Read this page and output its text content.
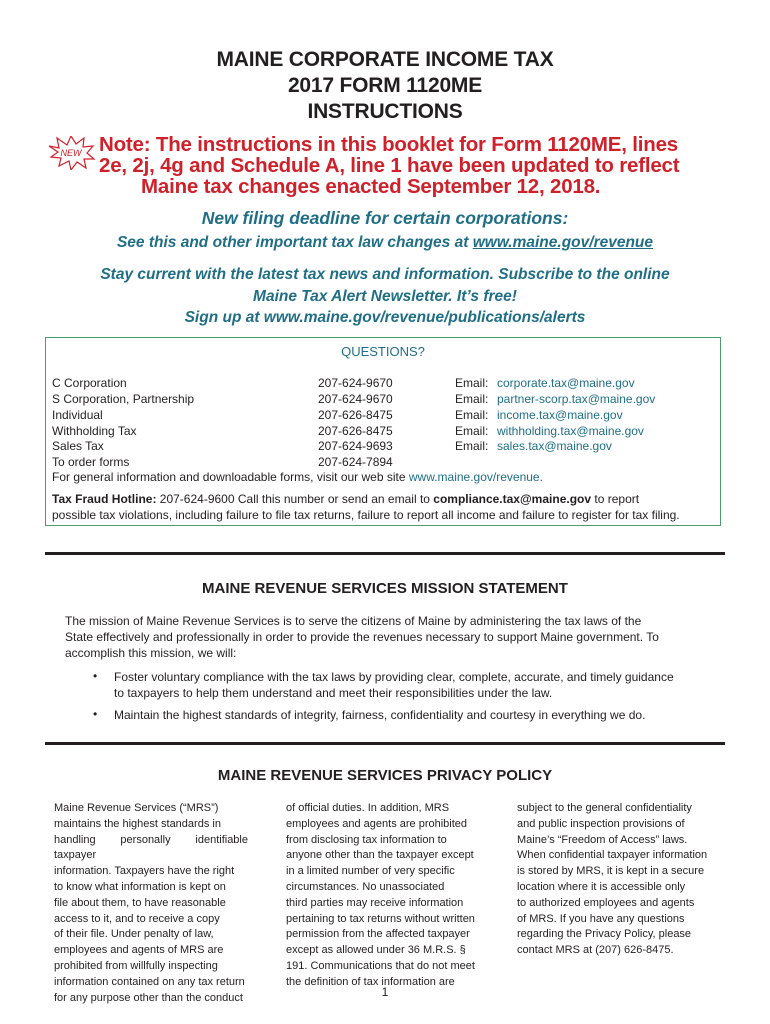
MAINE CORPORATE INCOME TAX
2017 FORM 1120ME
INSTRUCTIONS
NEW Note: The instructions in this booklet for Form 1120ME, lines
2e, 2j, 4g and Schedule A, line 1 have been updated to reflect
Maine tax changes enacted September 12, 2018.
New filing deadline for certain corporations:
See this and other important tax law changes at www.maine.gov/revenue
Stay current with the latest tax news and information. Subscribe to the online
Maine Tax Alert Newsletter. It’s free!
Sign up at www.maine.gov/revenue/publications/alerts
QUESTIONS?
C Corporation	207-624-9670	Email: corporate.tax@maine.gov
S Corporation, Partnership	207-624-9670	Email: partner-scorp.tax@maine.gov
Individual	207-626-8475	Email: income.tax@maine.gov
Withholding Tax	207-626-8475	Email: withholding.tax@maine.gov
Sales Tax	207-624-9693	Email: sales.tax@maine.gov
To order forms	207-624-7894
For general information and downloadable forms, visit our web site www.maine.gov/revenue.
Tax Fraud Hotline: 207-624-9600 Call this number or send an email to compliance.tax@maine.gov to report
possible tax violations, including failure to file tax returns, failure to report all income and failure to register for tax filing.
MAINE REVENUE SERVICES MISSION STATEMENT
The mission of Maine Revenue Services is to serve the citizens of Maine by administering the tax laws of the
State effectively and professionally in order to provide the revenues necessary to support Maine government. To
accomplish this mission, we will:
• Foster voluntary compliance with the tax laws by providing clear, complete, accurate, and timely guidance
to taxpayers to help them understand and meet their responsibilities under the law.
• Maintain the highest standards of integrity, fairness, confidentiality and courtesy in everything we do.
MAINE REVENUE SERVICES PRIVACY POLICY

Maine Revenue Services (“MRS”)

maintains the highest standards in

handling personally identifiable taxpayer

information. Taxpayers have the right

to know what information is kept on

file about them, to have reasonable

access to it, and to receive a copy

of their file. Under penalty of law,

employees and agents of MRS are

prohibited from willfully inspecting

information contained on any tax return

for any purpose other than the conduct

of official duties. In addition, MRS

employees and agents are prohibited

from disclosing tax information to

anyone other than the taxpayer except

in a limited number of very specific

circumstances. No unassociated

third parties may receive information

pertaining to tax returns without written

permission from the affected taxpayer

except as allowed under 36 M.R.S. §

191. Communications that do not meet

the definition of tax information are

subject to the general confidentiality

and public inspection provisions of

Maine’s “Freedom of Access” laws.

When confidential taxpayer information

is stored by MRS, it is kept in a secure

location where it is accessible only

to authorized employees and agents

of MRS. If you have any questions

regarding the Privacy Policy, please

contact MRS at (207) 626-8475.

1
